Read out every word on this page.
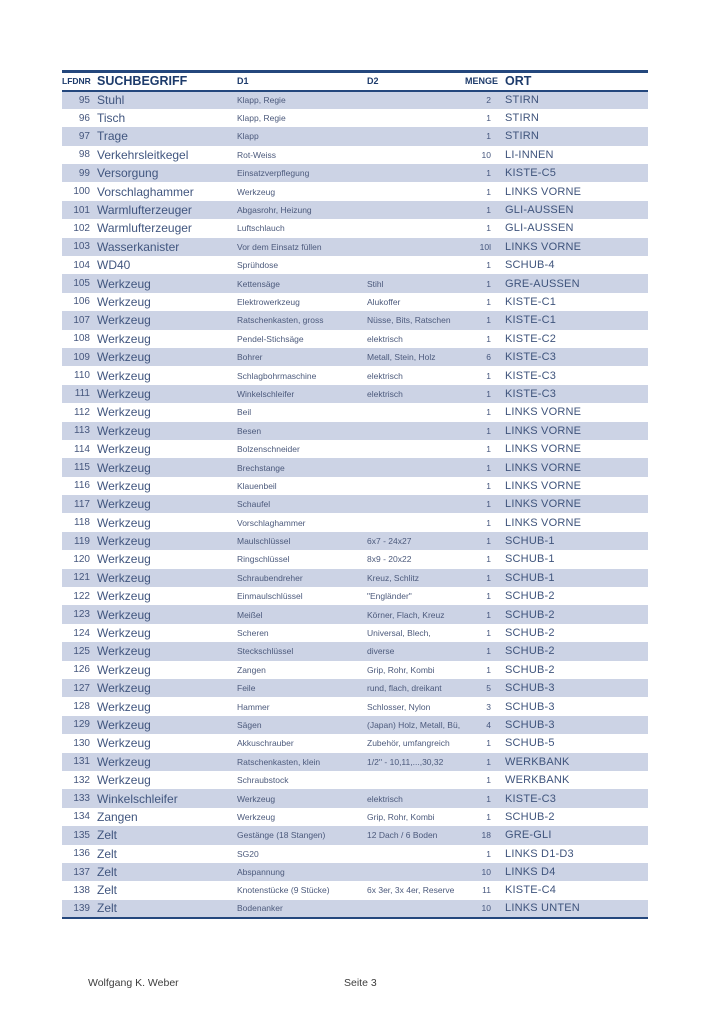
LFDNR	SUCHBEGRIFF	D1	D2	MENGE	ORT
95	Stuhl	Klapp, Regie		2	STIRN
96	Tisch	Klapp, Regie		1	STIRN
97	Trage	Klapp		1	STIRN
98	Verkehrsleitkegel	Rot-Weiss		10	LI-INNEN
99	Versorgung	Einsatzverpflegung		1	KISTE-C5
100	Vorschlaghammer	Werkzeug		1	LINKS VORNE
101	Warmlufterzeuger	Abgasrohr, Heizung		1	GLI-AUSSEN
102	Warmlufterzeuger	Luftschlauch		1	GLI-AUSSEN
103	Wasserkanister	Vor dem Einsatz füllen		10l	LINKS VORNE
104	WD40	Sprühdose		1	SCHUB-4
105	Werkzeug	Kettensäge	Stihl	1	GRE-AUSSEN
106	Werkzeug	Elektrowerkzeug	Alukoffer	1	KISTE-C1
107	Werkzeug	Ratschenkasten, gross	Nüsse, Bits, Ratschen	1	KISTE-C1
108	Werkzeug	Pendel-Stichsäge	elektrisch	1	KISTE-C2
109	Werkzeug	Bohrer	Metall, Stein, Holz	6	KISTE-C3
110	Werkzeug	Schlagbohrmaschine	elektrisch	1	KISTE-C3
111	Werkzeug	Winkelschleifer	elektrisch	1	KISTE-C3
112	Werkzeug	Beil		1	LINKS VORNE
113	Werkzeug	Besen		1	LINKS VORNE
114	Werkzeug	Bolzenschneider		1	LINKS VORNE
115	Werkzeug	Brechstange		1	LINKS VORNE
116	Werkzeug	Klauenbeil		1	LINKS VORNE
117	Werkzeug	Schaufel		1	LINKS VORNE
118	Werkzeug	Vorschlaghammer		1	LINKS VORNE
119	Werkzeug	Maulschlüssel	6x7 - 24x27	1	SCHUB-1
120	Werkzeug	Ringschlüssel	8x9 - 20x22	1	SCHUB-1
121	Werkzeug	Schraubendreher	Kreuz, Schlitz	1	SCHUB-1
122	Werkzeug	Einmaulschlüssel	"Engländer"	1	SCHUB-2
123	Werkzeug	Meißel	Körner, Flach, Kreuz	1	SCHUB-2
124	Werkzeug	Scheren	Universal, Blech,	1	SCHUB-2
125	Werkzeug	Steckschlüssel	diverse	1	SCHUB-2
126	Werkzeug	Zangen	Grip, Rohr, Kombi	1	SCHUB-2
127	Werkzeug	Feile	rund, flach, dreikant	5	SCHUB-3
128	Werkzeug	Hammer	Schlosser, Nylon	3	SCHUB-3
129	Werkzeug	Sägen	(Japan) Holz, Metall, Bü,	4	SCHUB-3
130	Werkzeug	Akkuschrauber	Zubehör, umfangreich	1	SCHUB-5
131	Werkzeug	Ratschenkasten, klein	1/2'' - 10,11,...,30,32	1	WERKBANK
132	Werkzeug	Schraubstock		1	WERKBANK
133	Winkelschleifer	Werkzeug	elektrisch	1	KISTE-C3
134	Zangen	Werkzeug	Grip, Rohr, Kombi	1	SCHUB-2
135	Zelt	Gestänge (18 Stangen)	12 Dach / 6 Boden	18	GRE-GLI
136	Zelt	SG20		1	LINKS D1-D3
137	Zelt	Abspannung		10	LINKS D4
138	Zelt	Knotenstücke (9 Stücke)	6x 3er, 3x 4er, Reserve	11	KISTE-C4
139	Zelt	Bodenanker		10	LINKS UNTEN
Wolfgang K. Weber	Seite 3
